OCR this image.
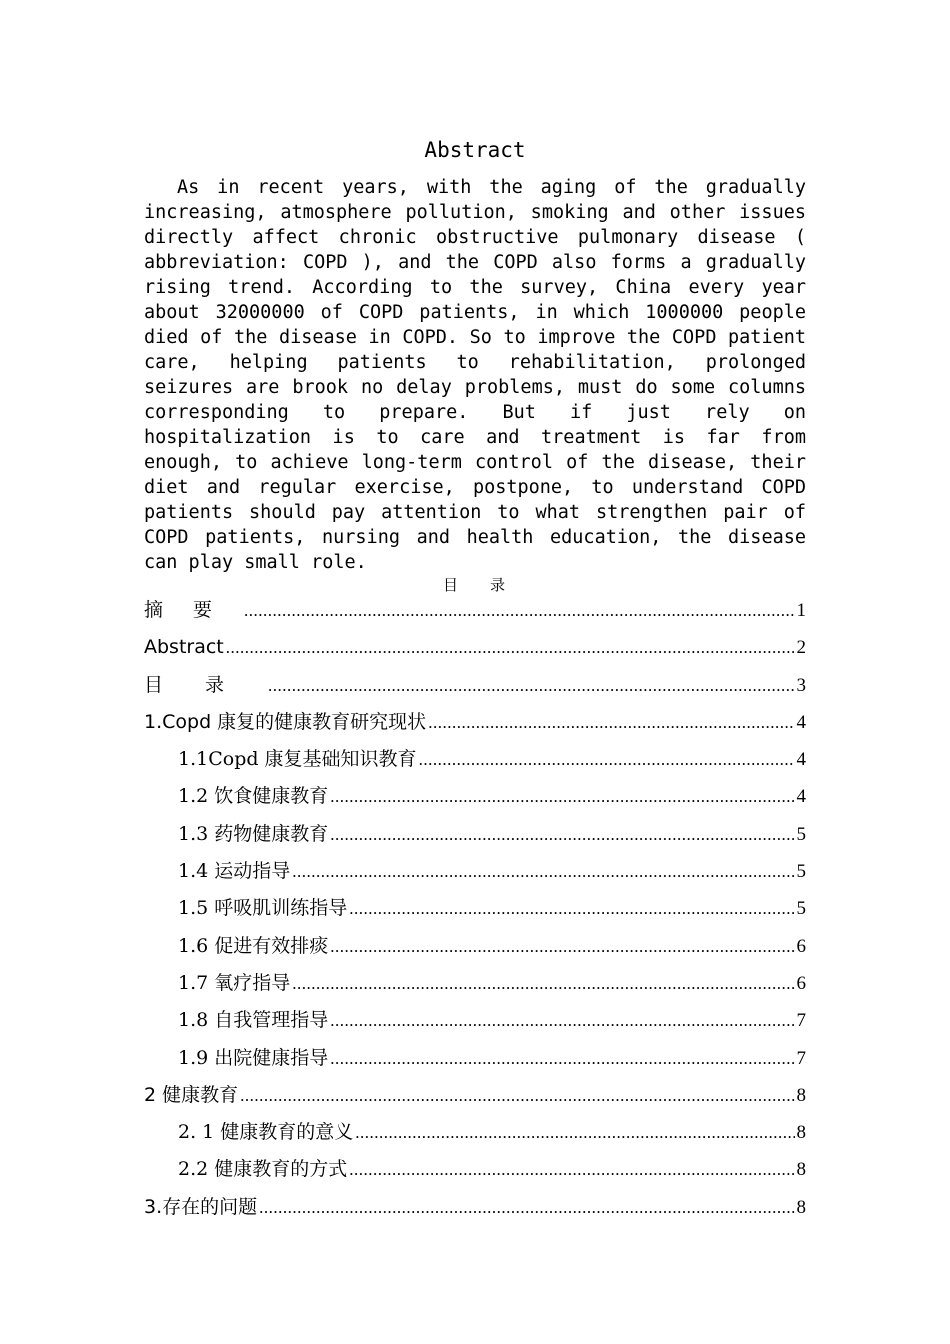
Abstract

As in recent years, with the aging of the gradually increasing, atmosphere pollution, smoking and other issues directly affect chronic obstructive pulmonary disease ( abbreviation: COPD ), and the COPD also forms a gradually rising trend. According to the survey, China every year about 32000000 of COPD patients, in which 1000000 people died of the disease in COPD. So to improve the COPD patient care, helping patients to rehabilitation, prolonged seizures are brook no delay problems, must do some columns corresponding to prepare. But if just rely on hospitalization is to care and treatment is far from enough, to achieve long-term control of the disease, their diet and regular exercise, postpone, to understand COPD patients should pay attention to what strengthen pair of COPD patients, nursing and health education, the disease can play small role.

目 录
摘要 .....	1
Abstract .....	2
目录 .....	3
1.Copd 康复的健康教育研究现状 .....	4
1.1Copd 康复基础知识教育 .....	4
1.2 饮食健康教育 .....	4
1.3 药物健康教育 .....	5
1.4 运动指导 .....	5
1.5 呼吸肌训练指导 .....	5
1.6 促进有效排痰 .....	6
1.7 氧疗指导 .....	6
1.8 自我管理指导 .....	7
1.9 出院健康指导 .....	7
2 健康教育 .....	8
2. 1 健康教育的意义 .....	8
2.2 健康教育的方式 .....	8
3.存在的问题 .....	8
